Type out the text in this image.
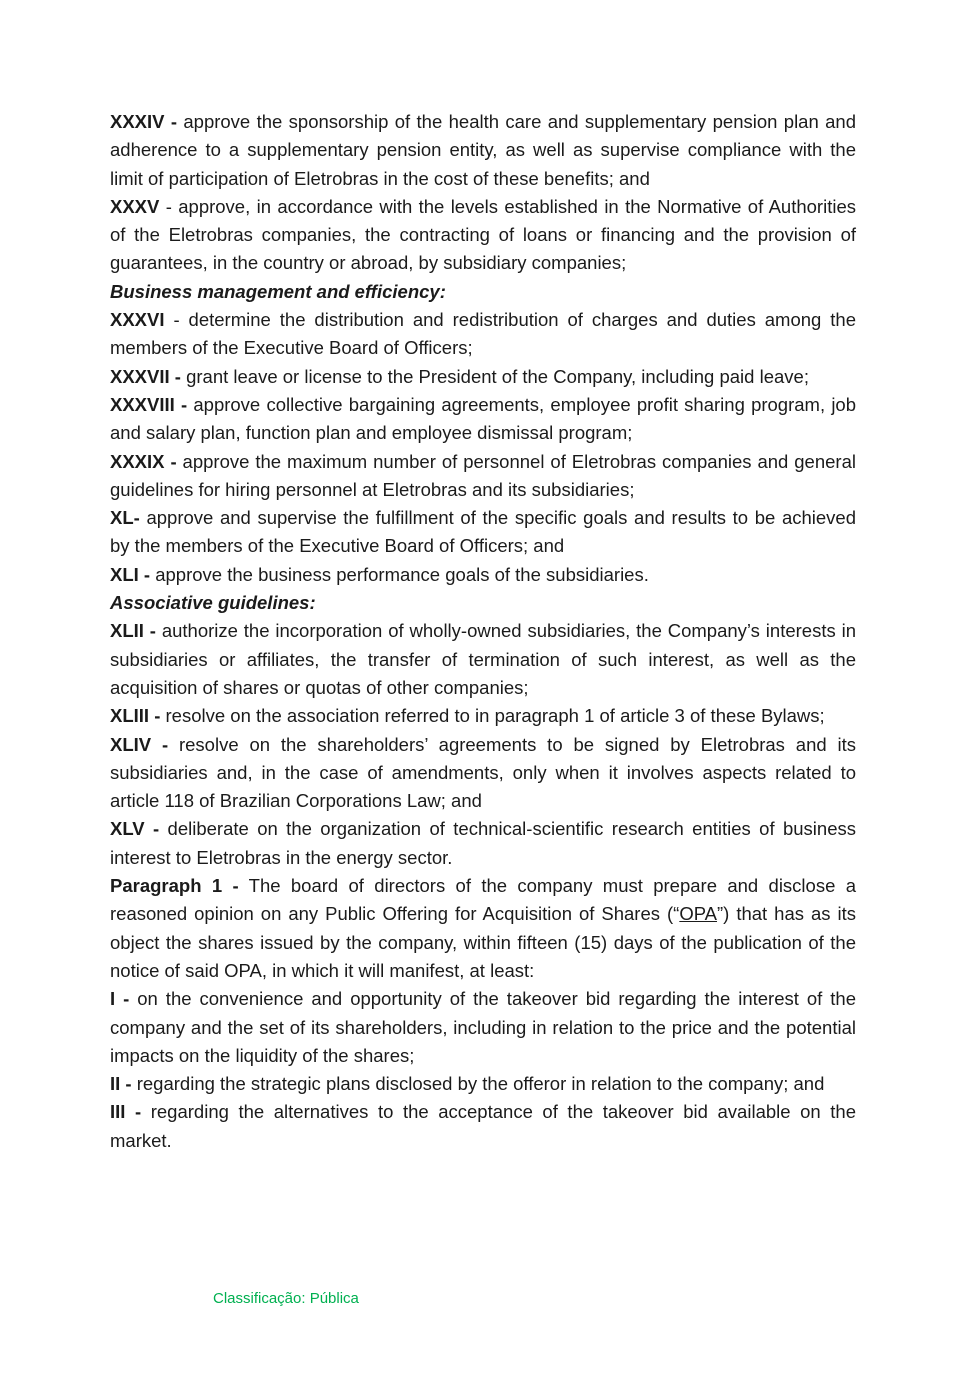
XXXIV - approve the sponsorship of the health care and supplementary pension plan and adherence to a supplementary pension entity, as well as supervise compliance with the limit of participation of Eletrobras in the cost of these benefits; and

XXXV - approve, in accordance with the levels established in the Normative of Authorities of the Eletrobras companies, the contracting of loans or financing and the provision of guarantees, in the country or abroad, by subsidiary companies;

Business management and efficiency:

XXXVI - determine the distribution and redistribution of charges and duties among the members of the Executive Board of Officers;

XXXVII - grant leave or license to the President of the Company, including paid leave;

XXXVIII - approve collective bargaining agreements, employee profit sharing program, job and salary plan, function plan and employee dismissal program;

XXXIX - approve the maximum number of personnel of Eletrobras companies and general guidelines for hiring personnel at Eletrobras and its subsidiaries;

XL- approve and supervise the fulfillment of the specific goals and results to be achieved by the members of the Executive Board of Officers; and

XLI - approve the business performance goals of the subsidiaries.

Associative guidelines:

XLII - authorize the incorporation of wholly-owned subsidiaries, the Company’s interests in subsidiaries or affiliates, the transfer of termination of such interest, as well as the acquisition of shares or quotas of other companies;

XLIII - resolve on the association referred to in paragraph 1 of article 3 of these Bylaws;

XLIV - resolve on the shareholders’ agreements to be signed by Eletrobras and its subsidiaries and, in the case of amendments, only when it involves aspects related to article 118 of Brazilian Corporations Law; and

XLV - deliberate on the organization of technical-scientific research entities of business interest to Eletrobras in the energy sector.

Paragraph 1 - The board of directors of the company must prepare and disclose a reasoned opinion on any Public Offering for Acquisition of Shares (“OPA”) that has as its object the shares issued by the company, within fifteen (15) days of the publication of the notice of said OPA, in which it will manifest, at least:

I - on the convenience and opportunity of the takeover bid regarding the interest of the company and the set of its shareholders, including in relation to the price and the potential impacts on the liquidity of the shares;

II - regarding the strategic plans disclosed by the offeror in relation to the company; and

III - regarding the alternatives to the acceptance of the takeover bid available on the market.

Classificação: Pública
